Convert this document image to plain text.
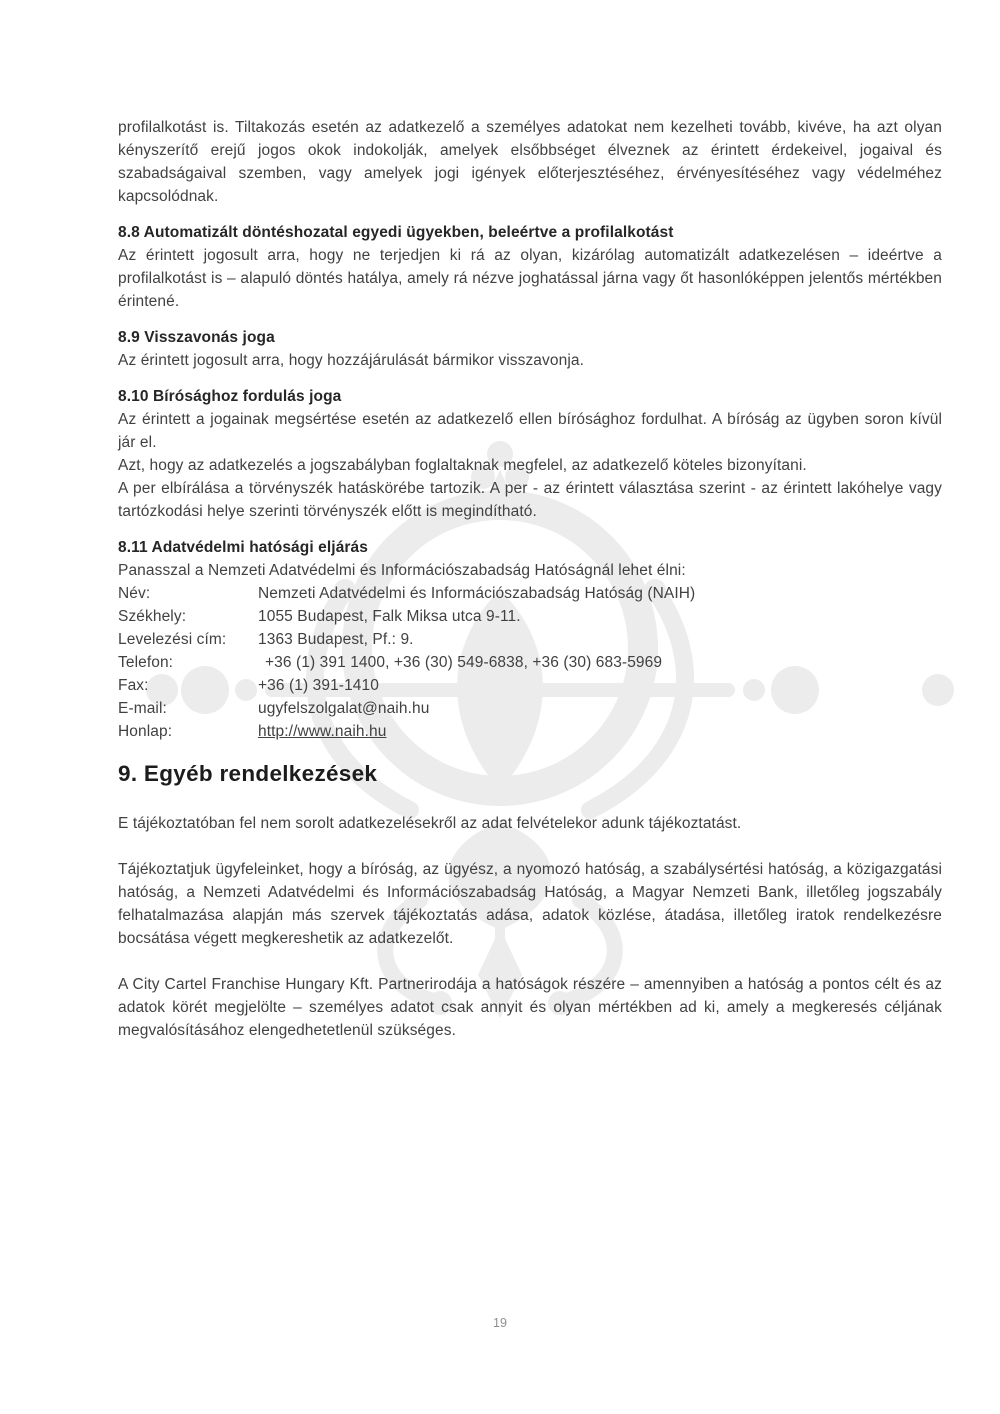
profilalkotást is. Tiltakozás esetén az adatkezelő a személyes adatokat nem kezelheti tovább, kivéve, ha azt olyan kényszerítő erejű jogos okok indokolják, amelyek elsőbbséget élveznek az érintett érdekeivel, jogaival és szabadságaival szemben, vagy amelyek jogi igények előterjesztéséhez, érvényesítéséhez vagy védelméhez kapcsolódnak.

8.8 Automatizált döntéshozatal egyedi ügyekben, beleértve a profilalkotást

Az érintett jogosult arra, hogy ne terjedjen ki rá az olyan, kizárólag automatizált adatkezelésen – ideértve a profilalkotást is – alapuló döntés hatálya, amely rá nézve joghatással járna vagy őt hasonlóképpen jelentős mértékben érintené.

8.9 Visszavonás joga

Az érintett jogosult arra, hogy hozzájárulását bármikor visszavonja.

8.10 Bírósághoz fordulás joga

Az érintett a jogainak megsértése esetén az adatkezelő ellen bírósághoz fordulhat. A bíróság az ügyben soron kívül jár el.

Azt, hogy az adatkezelés a jogszabályban foglaltaknak megfelel, az adatkezelő köteles bizonyítani.

A per elbírálása a törvényszék hatáskörébe tartozik. A per - az érintett választása szerint - az érintett lakóhelye vagy tartózkodási helye szerinti törvényszék előtt is megindítható.

8.11 Adatvédelmi hatósági eljárás

Panasszal a Nemzeti Adatvédelmi és Információszabadság Hatóságnál lehet élni:

Név:	Nemzeti Adatvédelmi és Információszabadság Hatóság (NAIH)
Székhely:	1055 Budapest, Falk Miksa utca 9-11.
Levelezési cím:	1363 Budapest, Pf.: 9.
Telefon:	+36 (1) 391 1400, +36 (30) 549-6838, +36 (30) 683-5969
Fax:	+36 (1) 391-1410
E-mail:	ugyfelszolgalat@naih.hu
Honlap:	http://www.naih.hu
9. Egyéb rendelkezések

E tájékoztatóban fel nem sorolt adatkezelésekről az adat felvételekor adunk tájékoztatást.

Tájékoztatjuk ügyfeleinket, hogy a bíróság, az ügyész, a nyomozó hatóság, a szabálysértési hatóság, a közigazgatási hatóság, a Nemzeti Adatvédelmi és Információszabadság Hatóság, a Magyar Nemzeti Bank, illetőleg jogszabály felhatalmazása alapján más szervek tájékoztatás adása, adatok közlése, átadása, illetőleg iratok rendelkezésre bocsátása végett megkereshetik az adatkezelőt.

A City Cartel Franchise Hungary Kft. Partnerirodája a hatóságok részére – amennyiben a hatóság a pontos célt és az adatok körét megjelölte – személyes adatot csak annyit és olyan mértékben ad ki, amely a megkeresés céljának megvalósításához elengedhetetlenül szükséges.

19
